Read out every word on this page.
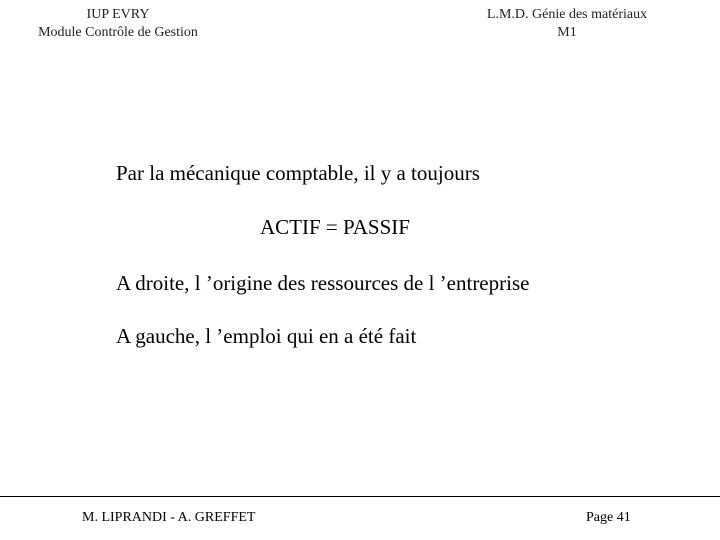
IUP EVRY
Module Contrôle de Gestion
L.M.D. Génie des matériaux
M1
Par la mécanique comptable, il y a toujours
ACTIF = PASSIF
A droite, l ’origine des ressources de l ’entreprise
A gauche, l ’emploi qui en a été fait
M. LIPRANDI - A. GREFFET	Page 41
